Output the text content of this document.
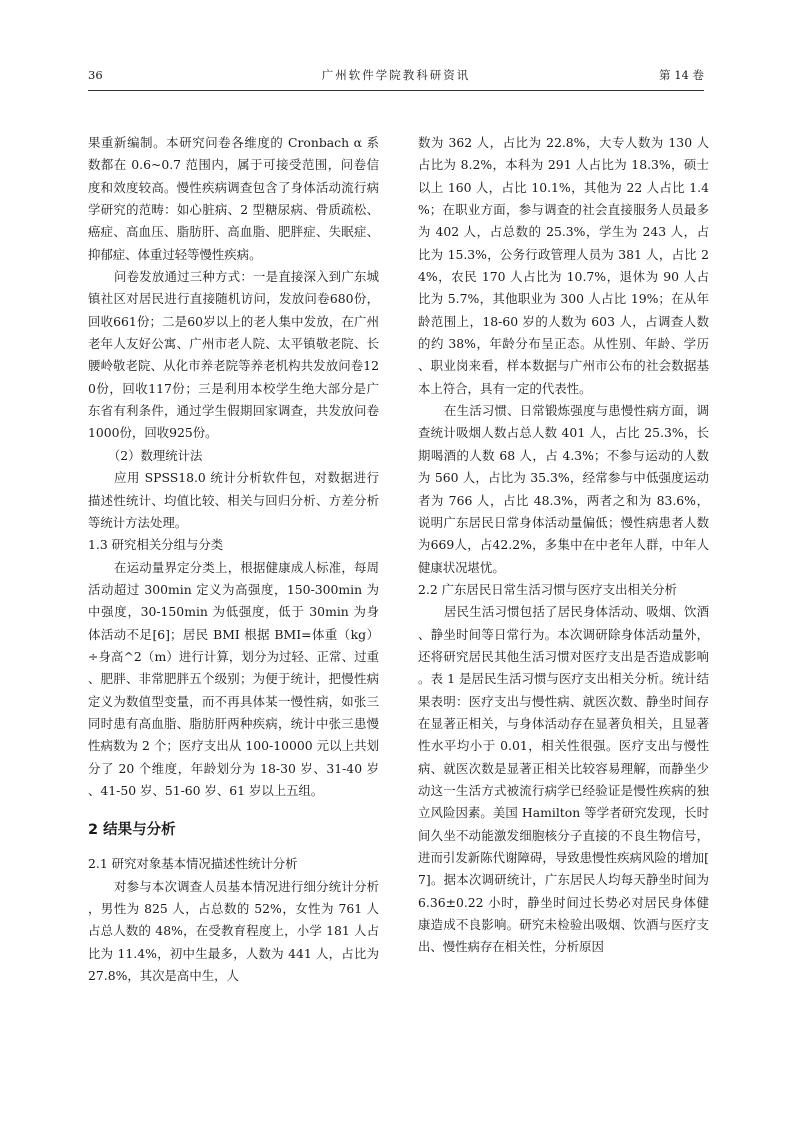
36	广州软件学院教科研资讯	第 14 卷

果重新编制。本研究问卷各维度的 Cronbach α 系数都在 0.6~0.7 范围内，属于可接受范围，问卷信度和效度较高。慢性疾病调查包含了身体活动流行病学研究的范畴：如心脏病、2 型糖尿病、骨质疏松、癌症、高血压、脂肪肝、高血脂、肥胖症、失眠症、抑郁症、体重过轻等慢性疾病。

问卷发放通过三种方式：一是直接深入到广东城镇社区对居民进行直接随机访问，发放问卷680份，回收661份；二是60岁以上的老人集中发放，在广州老年人友好公寓、广州市老人院、太平镇敬老院、长腰岭敬老院、从化市养老院等养老机构共发放问卷120份，回收117份；三是利用本校学生绝大部分是广东省有利条件，通过学生假期回家调查，共发放问卷1000份，回收925份。

（2）数理统计法

应用 SPSS18.0 统计分析软件包，对数据进行描述性统计、均值比较、相关与回归分析、方差分析等统计方法处理。

1.3 研究相关分组与分类

在运动量界定分类上，根据健康成人标准，每周活动超过 300min 定义为高强度，150-300min 为中强度，30-150min 为低强度，低于 30min 为身体活动不足[6]；居民 BMI 根据 BMI=体重（kg）÷身高^2（m）进行计算，划分为过轻、正常、过重、肥胖、非常肥胖五个级别；为便于统计，把慢性病定义为数值型变量，而不再具体某一慢性病，如张三同时患有高血脂、脂肪肝两种疾病，统计中张三患慢性病数为 2 个；医疗支出从 100-10000 元以上共划分了 20 个维度，年龄划分为 18-30 岁、31-40 岁、41-50 岁、51-60 岁、61 岁以上五组。

2 结果与分析

2.1 研究对象基本情况描述性统计分析

对参与本次调查人员基本情况进行细分统计分析，男性为 825 人，占总数的 52%，女性为 761 人占总人数的 48%，在受教育程度上，小学 181 人占比为 11.4%，初中生最多，人数为 441 人，占比为 27.8%，其次是高中生，人

数为 362 人，占比为 22.8%，大专人数为 130 人占比为 8.2%，本科为 291 人占比为 18.3%，硕士以上 160 人，占比 10.1%，其他为 22 人占比 1.4%；在职业方面，参与调查的社会直接服务人员最多为 402 人，占总数的 25.3%，学生为 243 人，占比为 15.3%，公务行政管理人员为 381 人，占比 24%，农民 170 人占比为 10.7%，退休为 90 人占比为 5.7%，其他职业为 300 人占比 19%；在从年龄范围上，18-60 岁的人数为 603 人，占调查人数的约 38%，年龄分布呈正态。从性别、年龄、学历、职业岗来看，样本数据与广州市公布的社会数据基本上符合，具有一定的代表性。

在生活习惯、日常锻炼强度与患慢性病方面，调查统计吸烟人数占总人数 401 人，占比 25.3%，长期喝酒的人数 68 人，占 4.3%；不参与运动的人数为 560 人，占比为 35.3%，经常参与中低强度运动者为 766 人，占比 48.3%，两者之和为 83.6%，说明广东居民日常身体活动量偏低；慢性病患者人数为669人，占42.2%，多集中在中老年人群，中年人健康状况堪忧。

2.2 广东居民日常生活习惯与医疗支出相关分析

居民生活习惯包括了居民身体活动、吸烟、饮酒、静坐时间等日常行为。本次调研除身体活动量外，还将研究居民其他生活习惯对医疗支出是否造成影响。表 1 是居民生活习惯与医疗支出相关分析。统计结果表明：医疗支出与慢性病、就医次数、静坐时间存在显著正相关，与身体活动存在显著负相关，且显著性水平均小于 0.01，相关性很强。医疗支出与慢性病、就医次数是显著正相关比较容易理解，而静坐少动这一生活方式被流行病学已经验证是慢性疾病的独立风险因素。美国 Hamilton 等学者研究发现，长时间久坐不动能激发细胞核分子直接的不良生物信号，进而引发新陈代谢障碍，导致患慢性疾病风险的增加[7]。据本次调研统计，广东居民人均每天静坐时间为 6.36±0.22 小时，静坐时间过长势必对居民身体健康造成不良影响。研究未检验出吸烟、饮酒与医疗支出、慢性病存在相关性，分析原因
